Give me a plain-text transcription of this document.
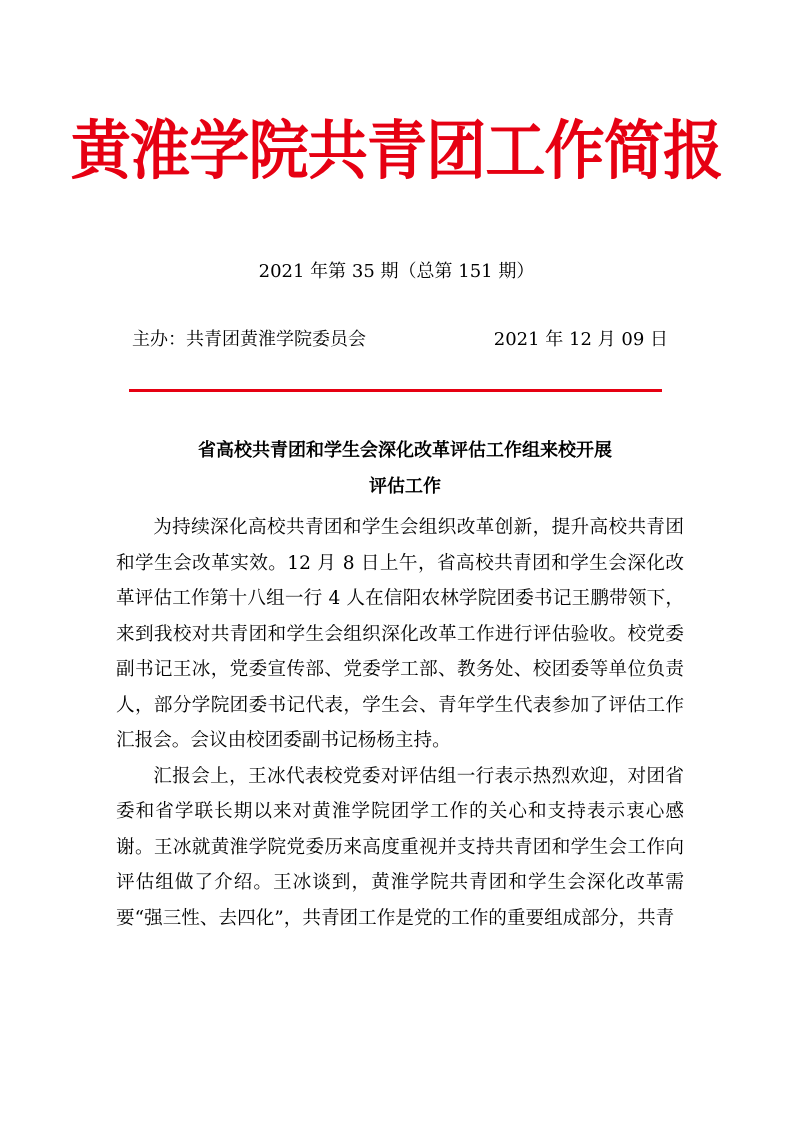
黄淮学院共青团工作简报
2021 年第 35 期（总第 151 期）
主办：共青团黄淮学院委员会	2021 年 12 月 09 日
省高校共青团和学生会深化改革评估工作组来校开展
评估工作

为持续深化高校共青团和学生会组织改革创新，提升高校共青团和学生会改革实效。12 月 8 日上午，省高校共青团和学生会深化改革评估工作第十八组一行 4 人在信阳农林学院团委书记王鹏带领下，来到我校对共青团和学生会组织深化改革工作进行评估验收。校党委副书记王冰，党委宣传部、党委学工部、教务处、校团委等单位负责人，部分学院团委书记代表，学生会、青年学生代表参加了评估工作汇报会。会议由校团委副书记杨杨主持。

汇报会上，王冰代表校党委对评估组一行表示热烈欢迎，对团省委和省学联长期以来对黄淮学院团学工作的关心和支持表示衷心感谢。王冰就黄淮学院党委历来高度重视并支持共青团和学生会工作向评估组做了介绍。王冰谈到，黄淮学院共青团和学生会深化改革需要“强三性、去四化”，共青团工作是党的工作的重要组成部分，共青
